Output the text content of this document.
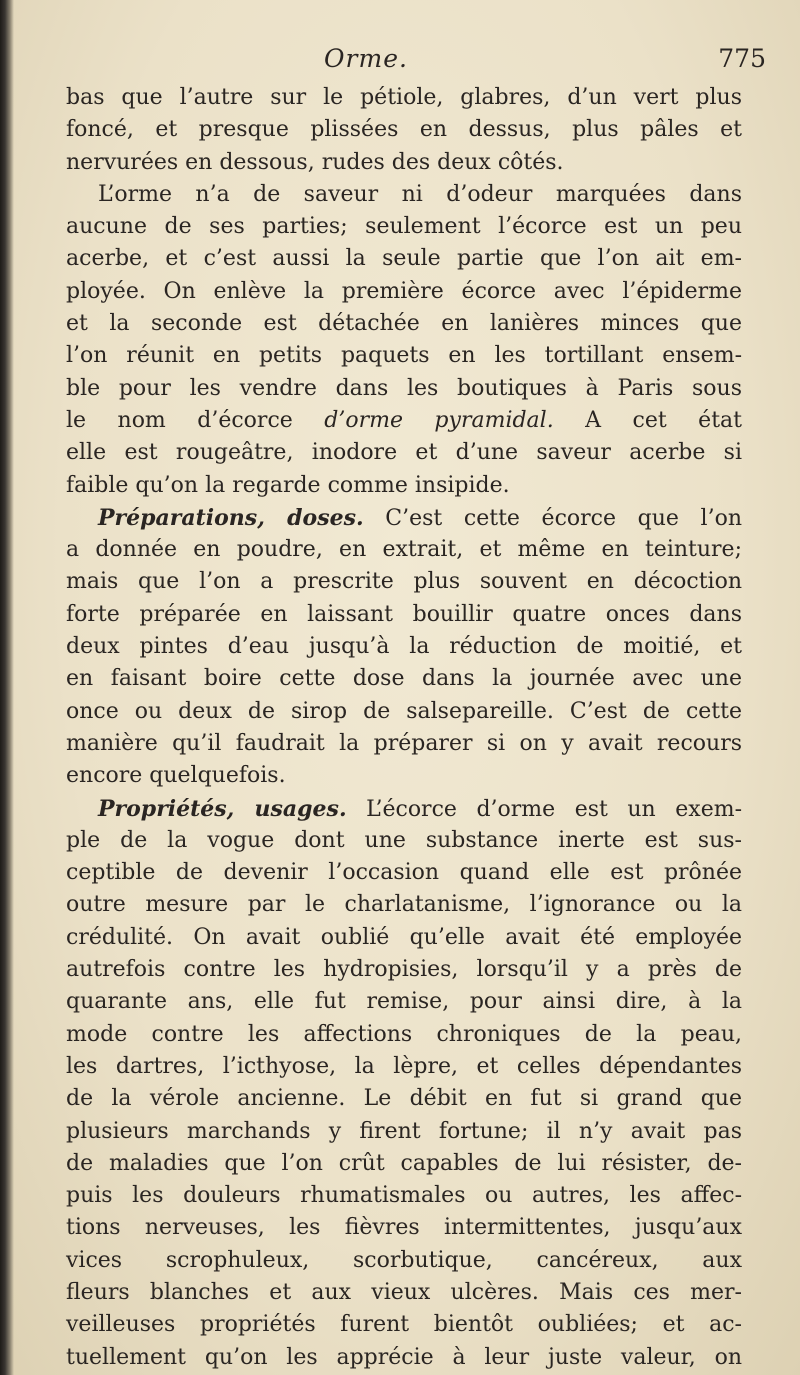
Orme.	775
bas que l’autre sur le pétiole, glabres, d’un vert plus
foncé, et presque plissées en dessus, plus pâles et
nervurées en dessous, rudes des deux côtés.
L’orme n’a de saveur ni d’odeur marquées dans
aucune de ses parties; seulement l’écorce est un peu
acerbe, et c’est aussi la seule partie que l’on ait em-
ployée. On enlève la première écorce avec l’épiderme
et la seconde est détachée en lanières minces que
l’on réunit en petits paquets en les tortillant ensem-
ble pour les vendre dans les boutiques à Paris sous
le nom d’écorce d’orme pyramidal. A cet état
elle est rougeâtre, inodore et d’une saveur acerbe si
faible qu’on la regarde comme insipide.
Préparations, doses. C’est cette écorce que l’on
a donnée en poudre, en extrait, et même en teinture;
mais que l’on a prescrite plus souvent en décoction
forte préparée en laissant bouillir quatre onces dans
deux pintes d’eau jusqu’à la réduction de moitié, et
en faisant boire cette dose dans la journée avec une
once ou deux de sirop de salsepareille. C’est de cette
manière qu’il faudrait la préparer si on y avait recours
encore quelquefois.
Propriétés, usages. L’écorce d’orme est un exem-
ple de la vogue dont une substance inerte est sus-
ceptible de devenir l’occasion quand elle est prônée
outre mesure par le charlatanisme, l’ignorance ou la
crédulité. On avait oublié qu’elle avait été employée
autrefois contre les hydropisies, lorsqu’il y a près de
quarante ans, elle fut remise, pour ainsi dire, à la
mode contre les affections chroniques de la peau,
les dartres, l’icthyose, la lèpre, et celles dépendantes
de la vérole ancienne. Le débit en fut si grand que
plusieurs marchands y firent fortune; il n’y avait pas
de maladies que l’on crût capables de lui résister, de-
puis les douleurs rhumatismales ou autres, les affec-
tions nerveuses, les fièvres intermittentes, jusqu’aux
vices scrophuleux, scorbutique, cancéreux, aux
fleurs blanches et aux vieux ulcères. Mais ces mer-
veilleuses propriétés furent bientôt oubliées; et ac-
tuellement qu’on les apprécie à leur juste valeur, on
